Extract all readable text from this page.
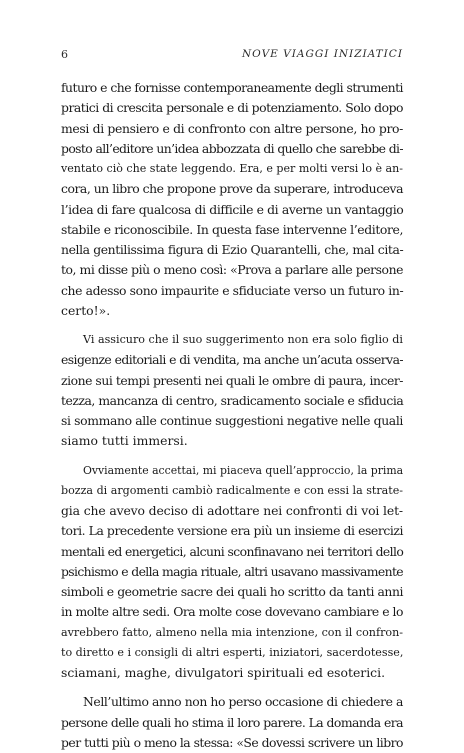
6	NOVE VIAGGI INIZIATICI
futuro e che fornisse contemporaneamente degli strumenti
pratici di crescita personale e di potenziamento. Solo dopo
mesi di pensiero e di confronto con altre persone, ho pro-
posto all’editore un’idea abbozzata di quello che sarebbe di-
ventato ciò che state leggendo. Era, e per molti versi lo è an-
cora, un libro che propone prove da superare, introduceva
l’idea di fare qualcosa di difficile e di averne un vantaggio
stabile e riconoscibile. In questa fase intervenne l’editore,
nella gentilissima figura di Ezio Quarantelli, che, mal cita-
to, mi disse più o meno così: «Prova a parlare alle persone
che adesso sono impaurite e sfiduciate verso un futuro in-
certo!».
Vi assicuro che il suo suggerimento non era solo figlio di
esigenze editoriali e di vendita, ma anche un’acuta osserva-
zione sui tempi presenti nei quali le ombre di paura, incer-
tezza, mancanza di centro, sradicamento sociale e sfiducia
si sommano alle continue suggestioni negative nelle quali
siamo tutti immersi.
Ovviamente accettai, mi piaceva quell’approccio, la prima
bozza di argomenti cambiò radicalmente e con essi la strate-
gia che avevo deciso di adottare nei confronti di voi let-
tori. La precedente versione era più un insieme di esercizi
mentali ed energetici, alcuni sconfinavano nei territori dello
psichismo e della magia rituale, altri usavano massivamente
simboli e geometrie sacre dei quali ho scritto da tanti anni
in molte altre sedi. Ora molte cose dovevano cambiare e lo
avrebbero fatto, almeno nella mia intenzione, con il confron-
to diretto e i consigli di altri esperti, iniziatori, sacerdotesse,
sciamani, maghe, divulgatori spirituali ed esoterici.
Nell’ultimo anno non ho perso occasione di chiedere a
persone delle quali ho stima il loro parere. La domanda era
per tutti più o meno la stessa: «Se dovessi scrivere un libro
